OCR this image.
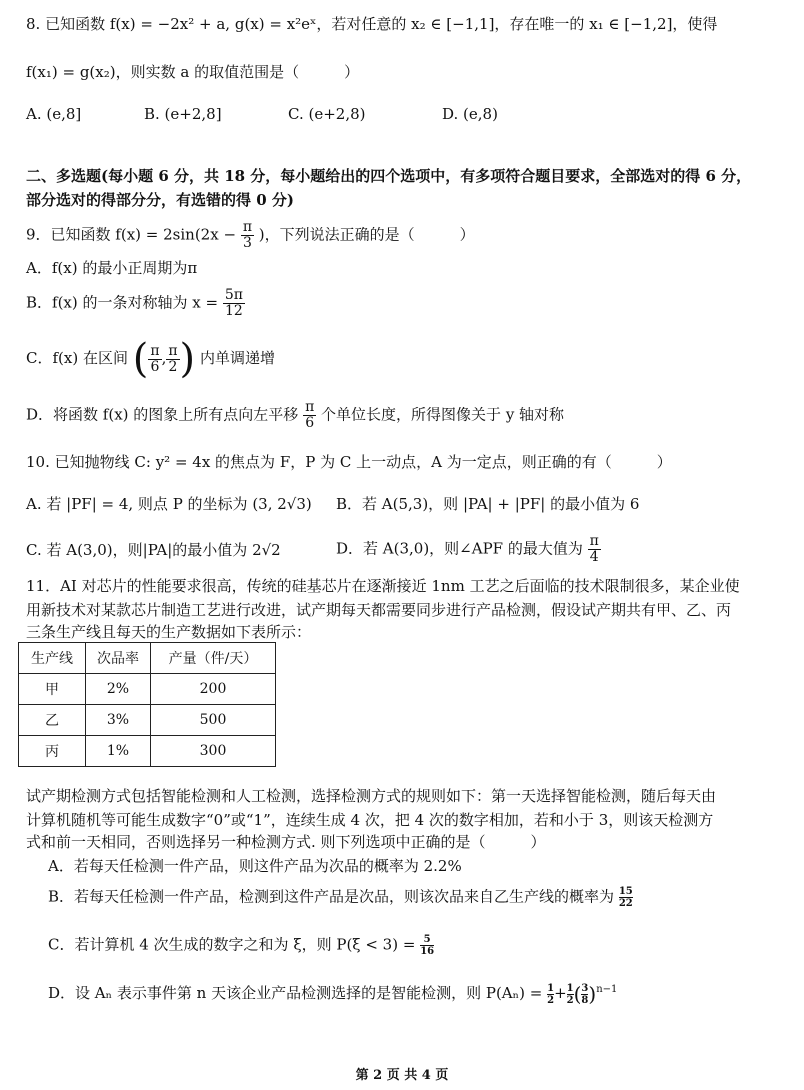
8. 已知函数 f(x) = −2x² + a, g(x) = x²eˣ，若对任意的 x₂ ∈ [−1,1]，存在唯一的 x₁ ∈ [−1,2]，使得
f(x₁) = g(x₂)，则实数 a 的取值范围是（　　　）
A. (e,8]	B. (e+2,8]	C. (e+2,8)	D. (e,8)
二、多选题(每小题 6 分，共 18 分，每小题给出的四个选项中，有多项符合题目要求，全部选对的得 6 分，
部分选对的得部分分，有选错的得 0 分)
9．已知函数 $f(x) = 2\sin(2x - \frac{\pi}{3}$ )，下列说法正确的是（　　　）
A．f(x) 的最小正周期为π
B．f(x) 的一条对称轴为 $x = \frac{5\pi}{12}$
C．f(x) 在区间 ( $\frac{\pi}{6}$ , $\frac{\pi}{2}$ ) 内单调递增
D．将函数 f(x) 的图象上所有点向左平移 $\frac{\pi}{6}$ 个单位长度，所得图像关于 y 轴对称
10. 已知抛物线 C: y² = 4x 的焦点为 F，P 为 C 上一动点，A 为一定点，则正确的有（　　　）
A. 若 |PF| = 4, 则点 P 的坐标为 (3, 2√3) B．若 A(5,3)，则 |PA| + |PF| 的最小值为 6
C. 若 A(3,0)，则|PA|的最小值为 2√2	D．若 A(3,0)，则∠APF 的最大值为 $\frac{\pi}{4}$
11．AI 对芯片的性能要求很高，传统的硅基芯片在逐渐接近 1nm 工艺之后面临的技术限制很多，某企业使
用新技术对某款芯片制造工艺进行改进，试产期每天都需要同步进行产品检测，假设试产期共有甲、乙、丙
三条生产线且每天的生产数据如下表所示：
生产线	次品率	产量（件/天）
甲	2%	200
乙	3%	500
丙	1%	300
试产期检测方式包括智能检测和人工检测，选择检测方式的规则如下：第一天选择智能检测，随后每天由
计算机随机等可能生成数字“0”或“1”，连续生成 4 次，把 4 次的数字相加，若和小于 3，则该天检测方
式和前一天相同，否则选择另一种检测方式. 则下列选项中正确的是（　　　）
A．若每天任检测一件产品，则这件产品为次品的概率为 2.2%
B．若每天任检测一件产品，检测到这件产品是次品，则该次品来自乙生产线的概率为 $\frac{15}{22}$
C．若计算机 4 次生成的数字之和为 ξ，则 $P(\xi < 3) = \frac{5}{16}$
D．设 Aₙ 表示事件第 n 天该企业产品检测选择的是智能检测，则 $P(A_n) = \frac{1}{2}+ \frac{1}{2}( \frac{3}{8})^{n-1}$
第 2 页 共 4 页
